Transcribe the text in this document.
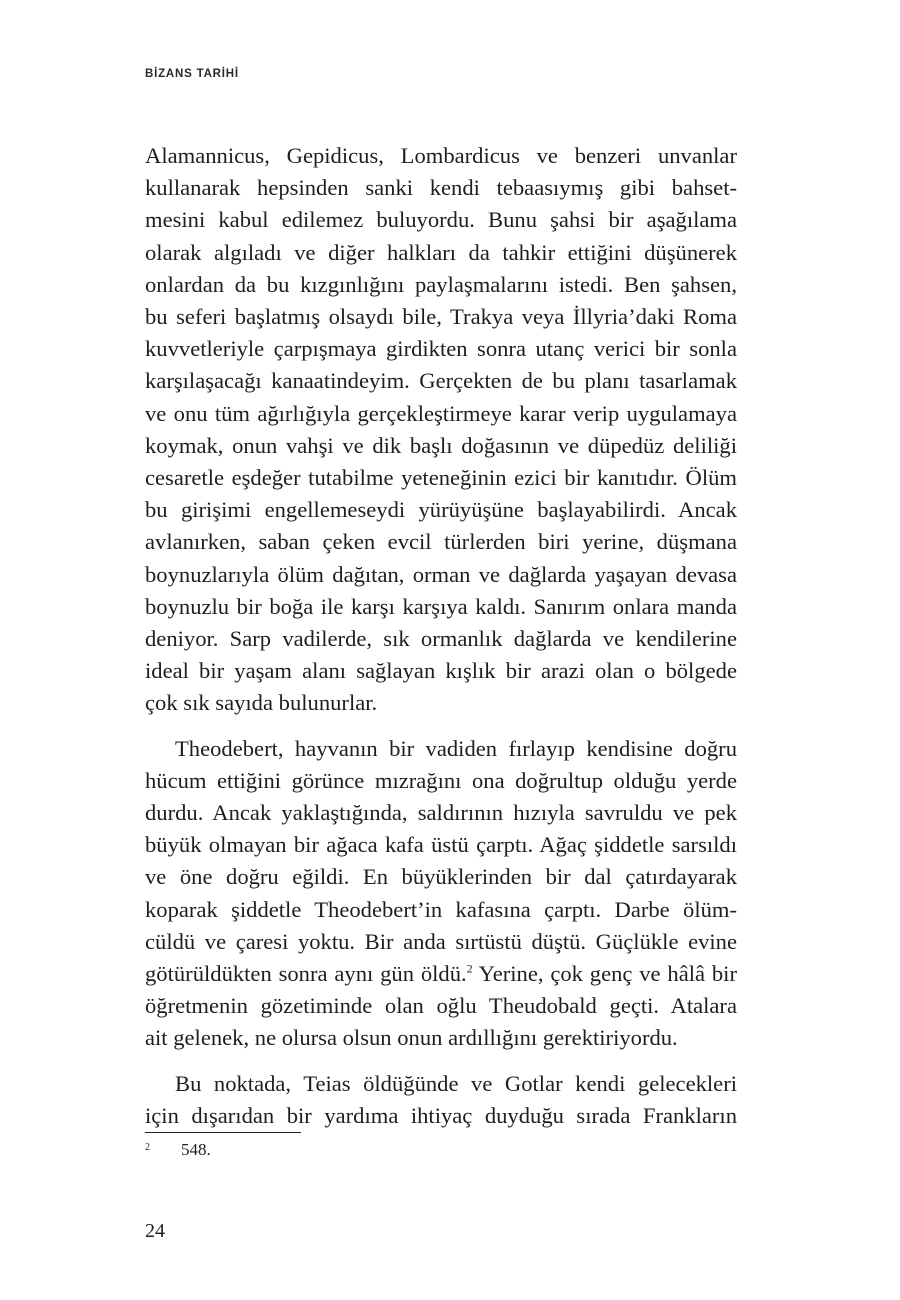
BİZANS TARİHİ
Alamannicus, Gepidicus, Lombardicus ve benzeri unvanlar
kullanarak hepsinden sanki kendi tebaasıymış gibi bahset-
mesini kabul edilemez buluyordu. Bunu şahsi bir aşağılama
olarak algıladı ve diğer halkları da tahkir ettiğini düşünerek
onlardan da bu kızgınlığını paylaşmalarını istedi. Ben şahsen,
bu seferi başlatmış olsaydı bile, Trakya veya İllyria’daki Roma
kuvvetleriyle çarpışmaya girdikten sonra utanç verici bir sonla
karşılaşacağı kanaatindeyim. Gerçekten de bu planı tasarlamak
ve onu tüm ağırlığıyla gerçekleştirmeye karar verip uygulamaya
koymak, onun vahşi ve dik başlı doğasının ve düpedüz deliliği
cesaretle eşdeğer tutabilme yeteneğinin ezici bir kanıtıdır. Ölüm
bu girişimi engellemeseydi yürüyüşüne başlayabilirdi. Ancak
avlanırken, saban çeken evcil türlerden biri yerine, düşmana
boynuzlarıyla ölüm dağıtan, orman ve dağlarda yaşayan devasa
boynuzlu bir boğa ile karşı karşıya kaldı. Sanırım onlara manda
deniyor. Sarp vadilerde, sık ormanlık dağlarda ve kendilerine
ideal bir yaşam alanı sağlayan kışlık bir arazi olan o bölgede
çok sık sayıda bulunurlar.
Theodebert, hayvanın bir vadiden fırlayıp kendisine doğru
hücum ettiğini görünce mızrağını ona doğrultup olduğu yerde
durdu. Ancak yaklaştığında, saldırının hızıyla savruldu ve pek
büyük olmayan bir ağaca kafa üstü çarptı. Ağaç şiddetle sarsıldı
ve öne doğru eğildi. En büyüklerinden bir dal çatırdayarak
koparak şiddetle Theodebert’in kafasına çarptı. Darbe ölüm-
cüldü ve çaresi yoktu. Bir anda sırtüstü düştü. Güçlükle evine
götürüldükten sonra aynı gün öldü.$^2$ Yerine, çok genç ve hâlâ bir
öğretmenin gözetiminde olan oğlu Theudobald geçti. Atalara
ait gelenek, ne olursa olsun onun ardıllığını gerektiriyordu.
Bu noktada, Teias öldüğünde ve Gotlar kendi gelecekleri
için dışarıdan bir yardıma ihtiyaç duyduğu sırada Frankların
2 548.
24
